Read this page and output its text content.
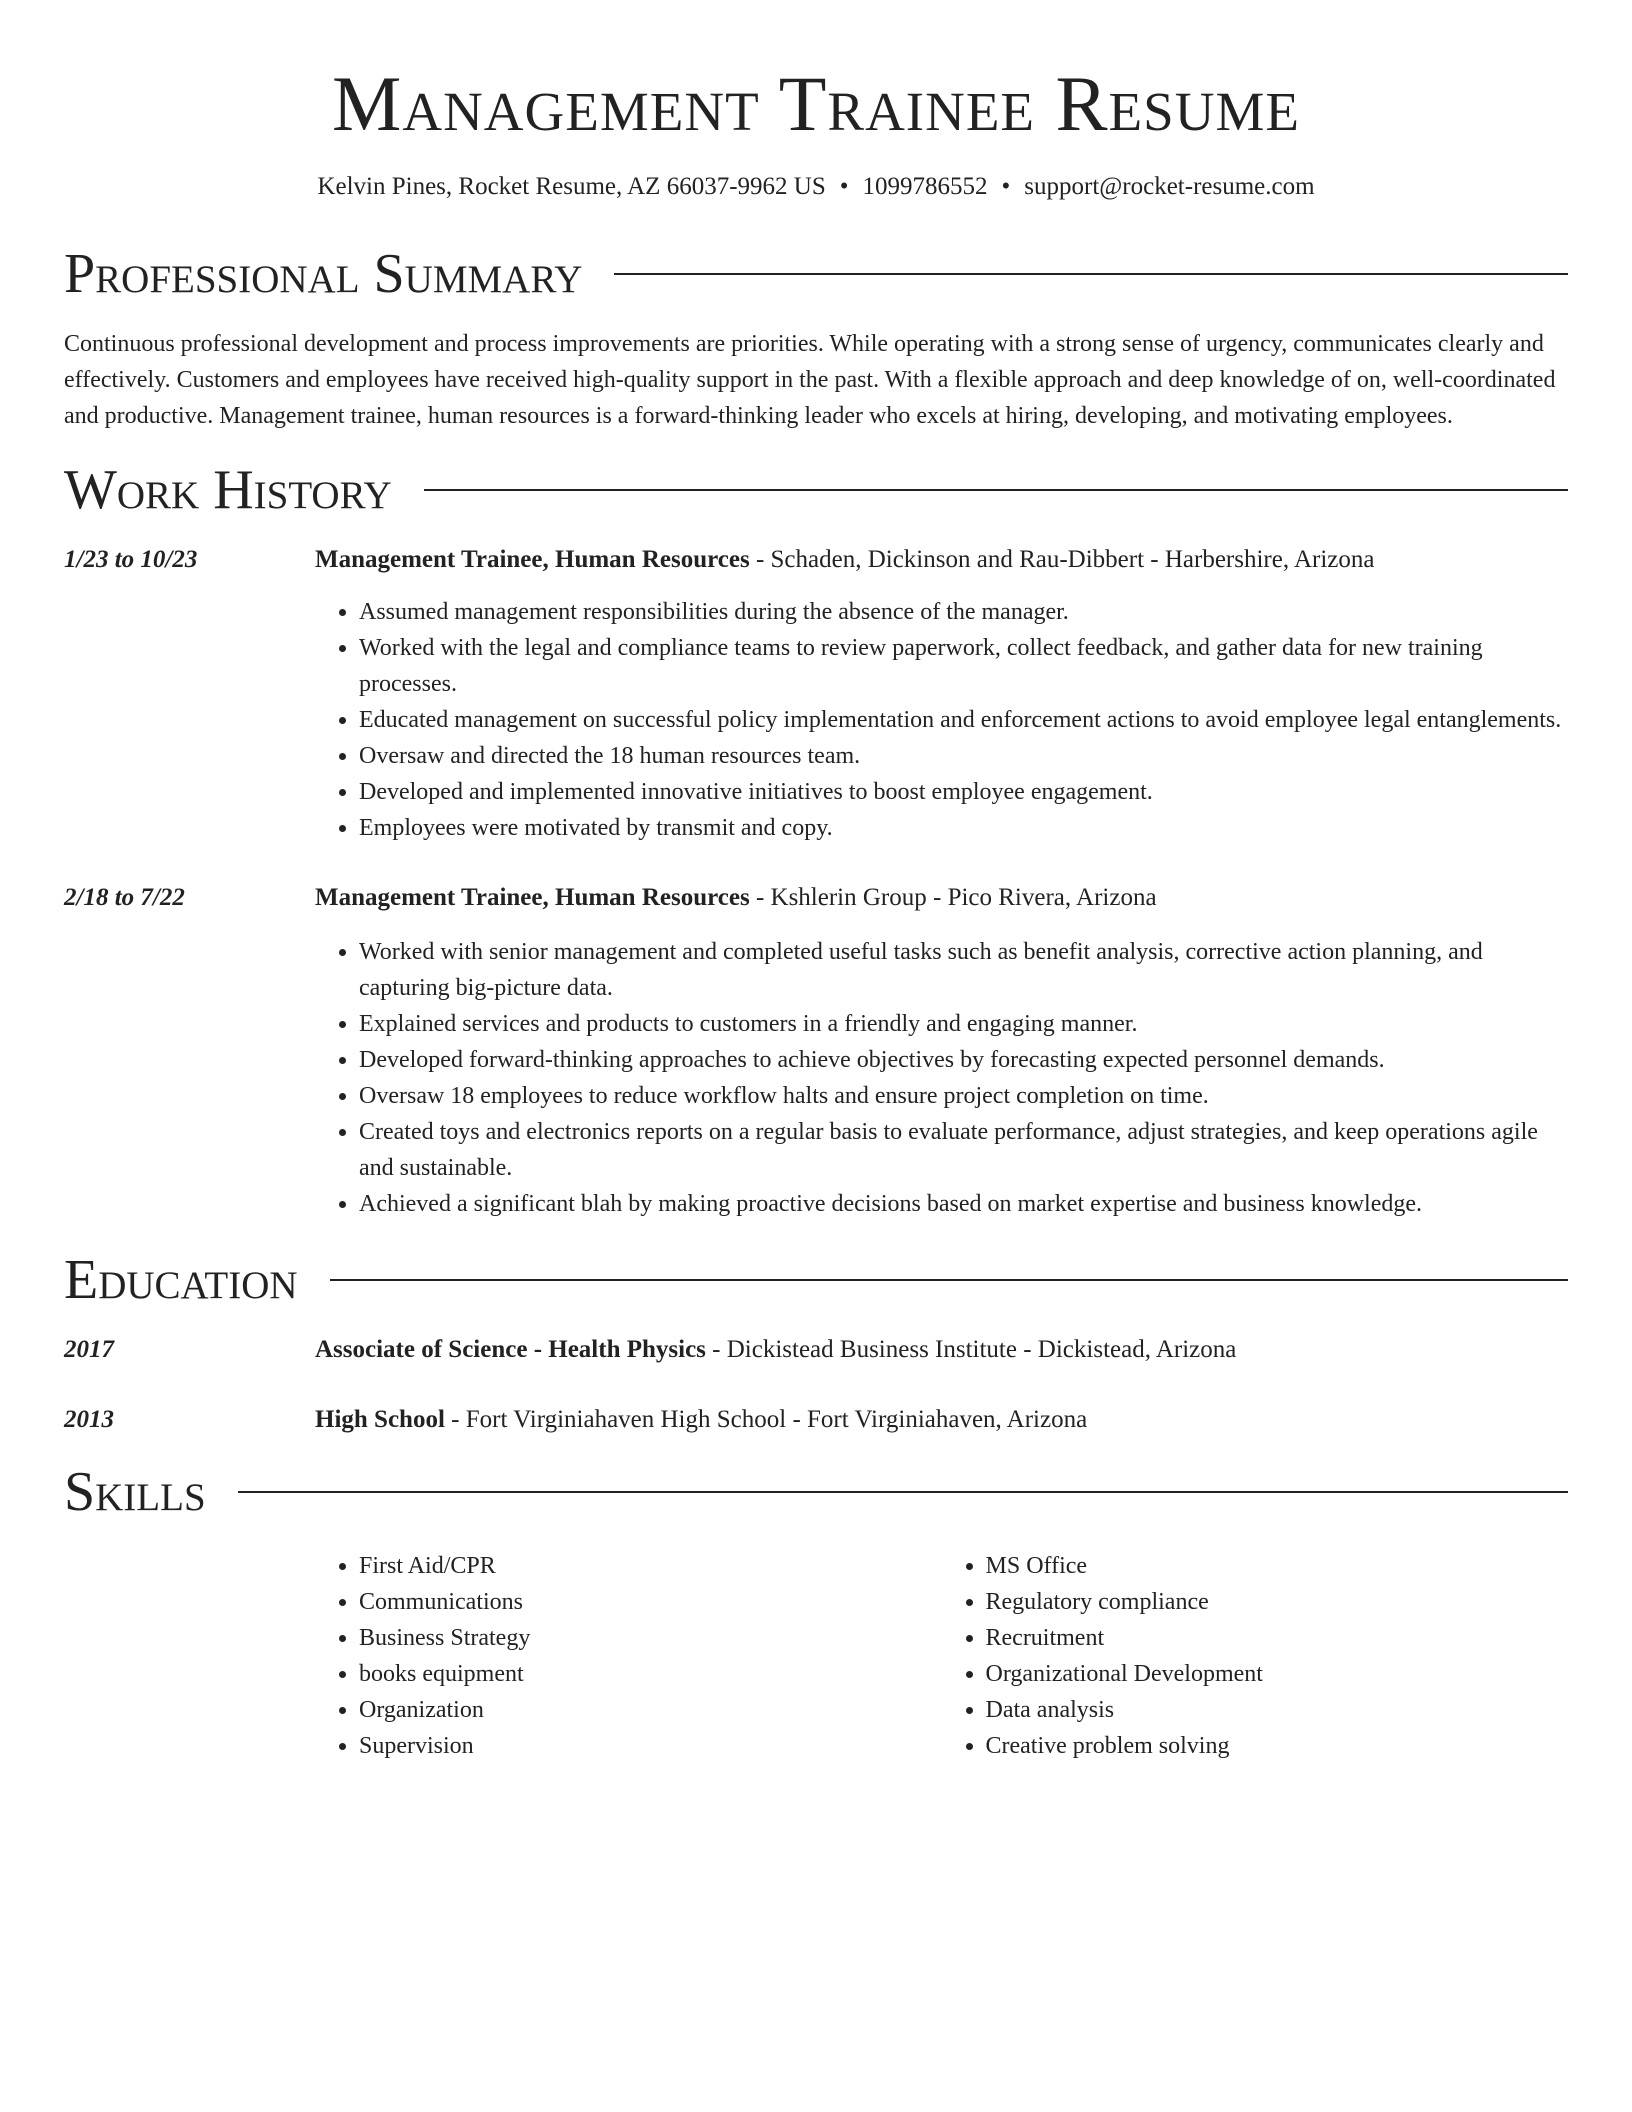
Management Trainee Resume
Kelvin Pines, Rocket Resume, AZ 66037-9962 US • 1099786552 • support@rocket-resume.com
Professional Summary

Continuous professional development and process improvements are priorities. While operating with a strong sense of urgency, communicates clearly and effectively. Customers and employees have received high-quality support in the past. With a flexible approach and deep knowledge of on, well-coordinated and productive. Management trainee, human resources is a forward-thinking leader who excels at hiring, developing, and motivating employees.

Work History
1/23 to 10/23	Management Trainee, Human Resources - Schaden, Dickinson and Rau-Dibbert - Harbershire, Arizona
• Assumed management responsibilities during the absence of the manager.
• Worked with the legal and compliance teams to review paperwork, collect feedback, and gather data for new training processes.
• Educated management on successful policy implementation and enforcement actions to avoid employee legal entanglements.
• Oversaw and directed the 18 human resources team.
• Developed and implemented innovative initiatives to boost employee engagement.
• Employees were motivated by transmit and copy.
2/18 to 7/22	Management Trainee, Human Resources - Kshlerin Group - Pico Rivera, Arizona
• Worked with senior management and completed useful tasks such as benefit analysis, corrective action planning, and capturing big-picture data.
• Explained services and products to customers in a friendly and engaging manner.
• Developed forward-thinking approaches to achieve objectives by forecasting expected personnel demands.
• Oversaw 18 employees to reduce workflow halts and ensure project completion on time.
• Created toys and electronics reports on a regular basis to evaluate performance, adjust strategies, and keep operations agile and sustainable.
• Achieved a significant blah by making proactive decisions based on market expertise and business knowledge.
Education
2017	Associate of Science - Health Physics - Dickistead Business Institute - Dickistead, Arizona
2013	High School - Fort Virginiahaven High School - Fort Virginiahaven, Arizona
Skills
• First Aid/CPR
• Communications
• Business Strategy
• books equipment
• Organization
• Supervision
• MS Office
• Regulatory compliance
• Recruitment
• Organizational Development
• Data analysis
• Creative problem solving
